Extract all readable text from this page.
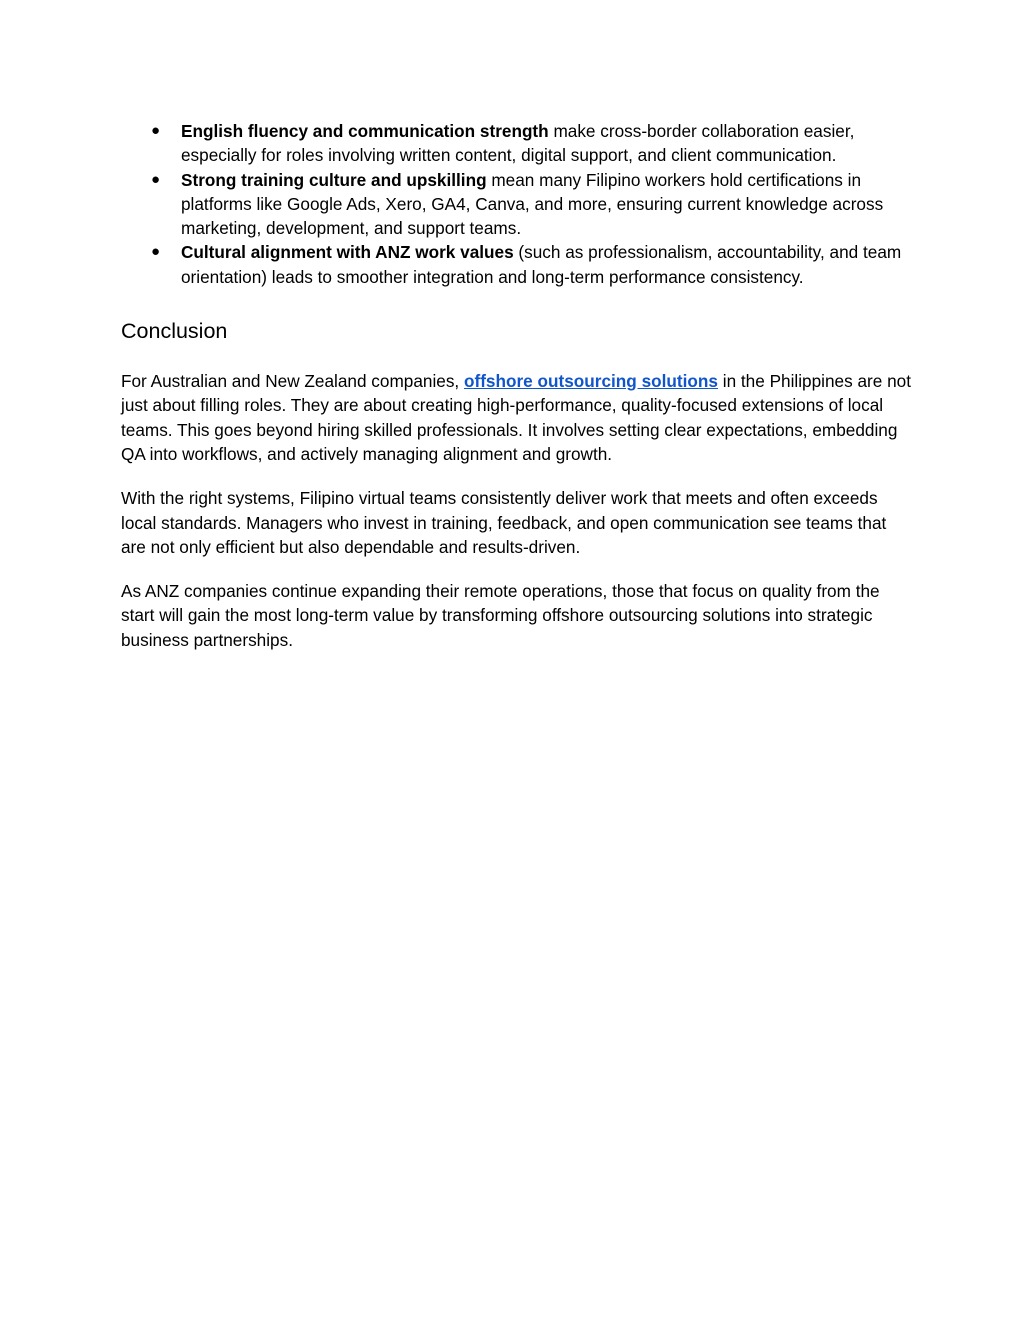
● English fluency and communication strength make cross-border collaboration easier, especially for roles involving written content, digital support, and client communication.
● Strong training culture and upskilling mean many Filipino workers hold certifications in platforms like Google Ads, Xero, GA4, Canva, and more, ensuring current knowledge across marketing, development, and support teams.
● Cultural alignment with ANZ work values (such as professionalism, accountability, and team orientation) leads to smoother integration and long-term performance consistency.
Conclusion

For Australian and New Zealand companies, offshore outsourcing solutions in the Philippines are not just about filling roles. They are about creating high-performance, quality-focused extensions of local teams. This goes beyond hiring skilled professionals. It involves setting clear expectations, embedding QA into workflows, and actively managing alignment and growth.

With the right systems, Filipino virtual teams consistently deliver work that meets and often exceeds local standards. Managers who invest in training, feedback, and open communication see teams that are not only efficient but also dependable and results-driven.

As ANZ companies continue expanding their remote operations, those that focus on quality from the start will gain the most long-term value by transforming offshore outsourcing solutions into strategic business partnerships.
